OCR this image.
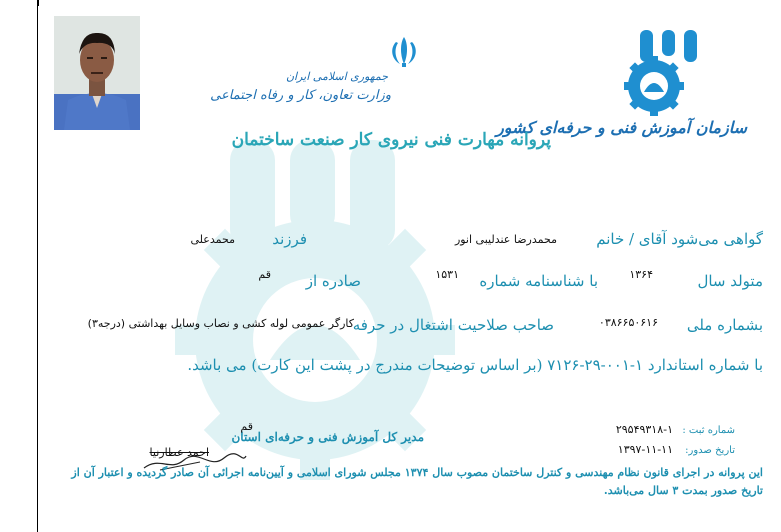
جمهوری اسلامی ایران
وزارت تعاون، کار و رفاه اجتماعی
سازمان آموزش فنی و حرفه‌ای کشور
پروانه مهارت فنی نیروی کار صنعت ساختمان
گواهی می‌شود آقای / خانم
محمدرضا عندلیبی انور
فرزند
محمدعلی
متولد سال
۱۳۶۴
با شناسنامه شماره
۱۵۳۱
صادره از
قم
بشماره ملی
۰۳۸۶۶۵۰۶۱۶
صاحب صلاحیت اشتغال در حرفه
کارگر عمومی لوله کشی و نصاب وسایل بهداشتی (درجه۳)
با شماره استاندارد ۱-۰۰۱-۲۹-۷۱۲۶ (بر اساس توضیحات مندرج در پشت این کارت) می باشد.
شماره ثبت :
۲۹۵۴۹۳۱۸-۱
تاریخ صدور:
۱۳۹۷-۱۱-۱۱
مدیر کل آموزش فنی و حرفه‌ای استان
قم
احمد عطارنیا
این پروانه در اجرای قانون نظام مهندسی و کنترل ساختمان مصوب سال ۱۳۷۴ مجلس شورای اسلامی و آیین‌نامه اجرائی آن صادر گردیده و اعتبار آن از
تاریخ صدور بمدت ۳ سال می‌باشد.
